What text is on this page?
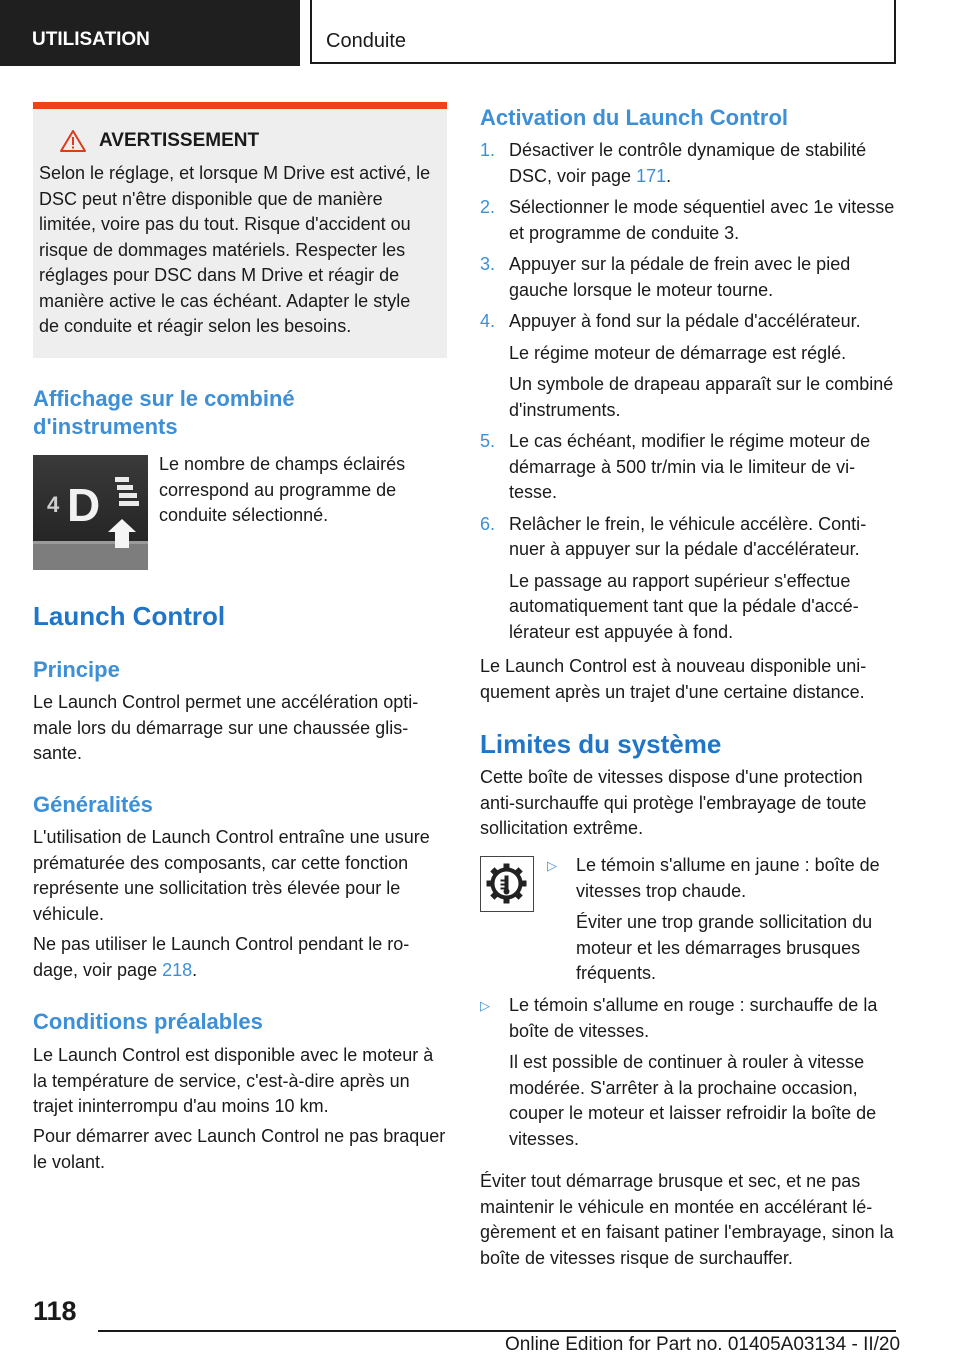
UTILISATION	Conduite
AVERTISSEMENT
Selon le réglage, et lorsque M Drive est activé, le DSC peut n'être disponible que de manière limitée, voire pas du tout. Risque d'accident ou risque de dommages matériels. Respecter les réglages pour DSC dans M Drive et réagir de manière active le cas échéant. Adapter le style de conduite et réagir selon les besoins.
Affichage sur le combiné
d'instruments
4 D

Le nombre de champs éclairés correspond au programme de conduite sélectionné.

Launch Control
Principe

Le Launch Control permet une accélération optimale lors du démarrage sur une chaussée glissante.

Généralités

L'utilisation de Launch Control entraîne une usure prématurée des composants, car cette fonction représente une sollicitation très élevée pour le véhicule.

Ne pas utiliser le Launch Control pendant le rodage, voir page 218.

Conditions préalables

Le Launch Control est disponible avec le moteur à la température de service, c'est-à-dire après un trajet ininterrompu d'au moins 10 km.

Pour démarrer avec Launch Control ne pas braquer le volant.

Activation du Launch Control
1. Désactiver le contrôle dynamique de stabilité DSC, voir page 171.
2. Sélectionner le mode séquentiel avec 1e vitesse et programme de conduite 3.
3. Appuyer sur la pédale de frein avec le pied gauche lorsque le moteur tourne.
4. Appuyer à fond sur la pédale d'accélérateur.
Le régime moteur de démarrage est réglé.
Un symbole de drapeau apparaît sur le combiné d'instruments.
5. Le cas échéant, modifier le régime moteur de démarrage à 500 tr/min via le limiteur de vitesse.
6. Relâcher le frein, le véhicule accélère. Continuer à appuyer sur la pédale d'accélérateur.
Le passage au rapport supérieur s'effectue automatiquement tant que la pédale d'accélérateur est appuyée à fond.

Le Launch Control est à nouveau disponible uniquement après un trajet d'une certaine distance.

Limites du système

Cette boîte de vitesses dispose d'une protection anti-surchauffe qui protège l'embrayage de toute sollicitation extrême.

▷ Le témoin s'allume en jaune : boîte de vitesses trop chaude.
Éviter une trop grande sollicitation du moteur et les démarrages brusques fréquents.
▷ Le témoin s'allume en rouge : surchauffe de la boîte de vitesses.
Il est possible de continuer à rouler à vitesse modérée. S'arrêter à la prochaine occasion, couper le moteur et laisser refroidir la boîte de vitesses.

Éviter tout démarrage brusque et sec, et ne pas maintenir le véhicule en montée en accélérant légèrement et en faisant patiner l'embrayage, sinon la boîte de vitesses risque de surchauffer.

118
Online Edition for Part no. 01405A03134 - II/20
